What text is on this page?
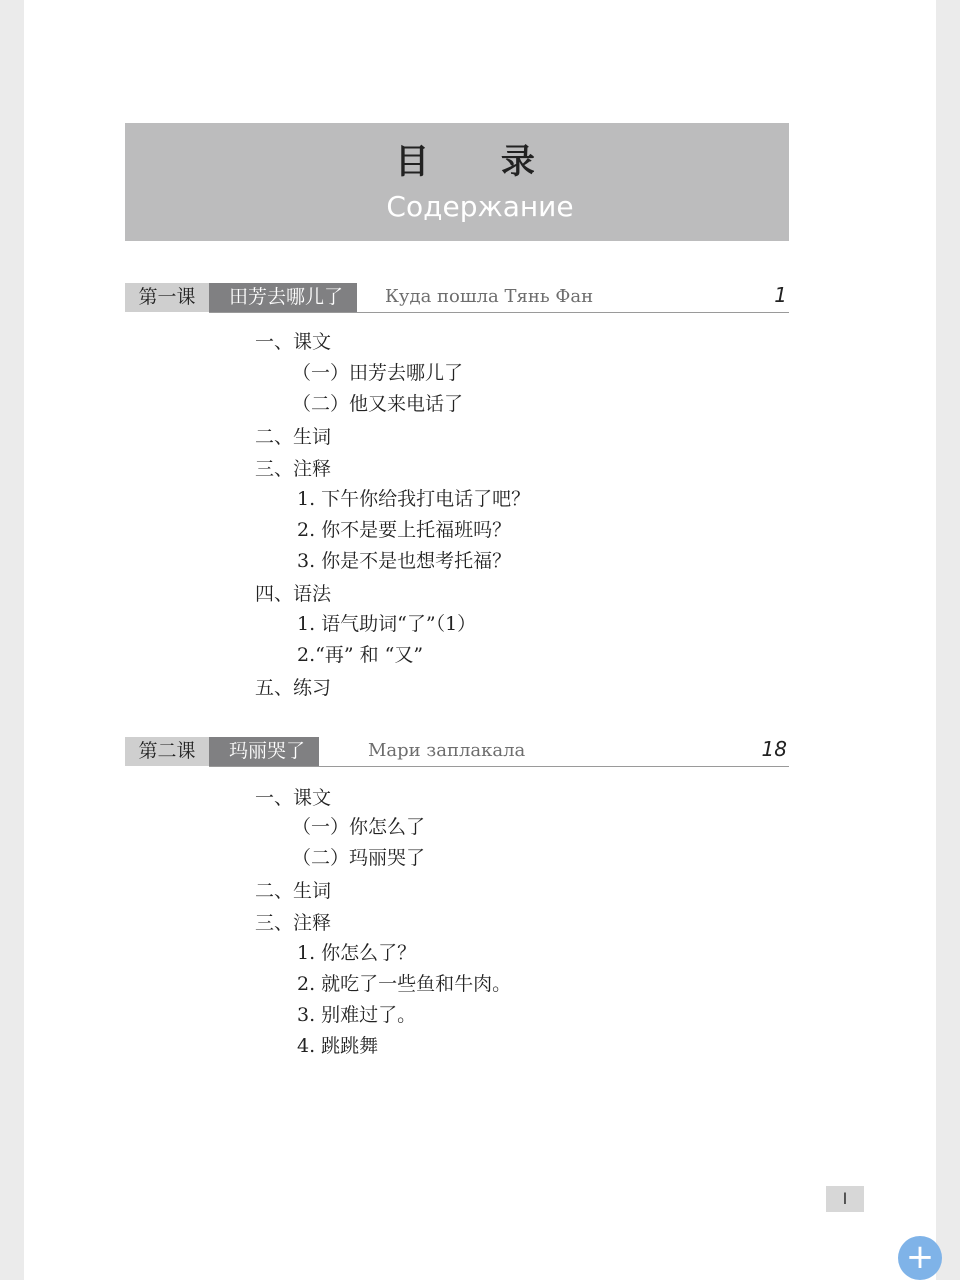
目 录
Содержание
第一课	田芳去哪儿了	Куда пошла Тянь Фан	1
一、课文
（一）田芳去哪儿了
（二）他又来电话了
二、生词
三、注释
1. 下午你给我打电话了吧？
2. 你不是要上托福班吗？
3. 你是不是也想考托福？
四、语法
1. 语气助词“了”（1）
2.“再” 和 “又”
五、练习
第二课	玛丽哭了	Мари заплакала	18
一、课文
（一）你怎么了
（二）玛丽哭了
二、生词
三、注释
1. 你怎么了？
2. 就吃了一些鱼和牛肉。
3. 别难过了。
4. 跳跳舞
I
+
